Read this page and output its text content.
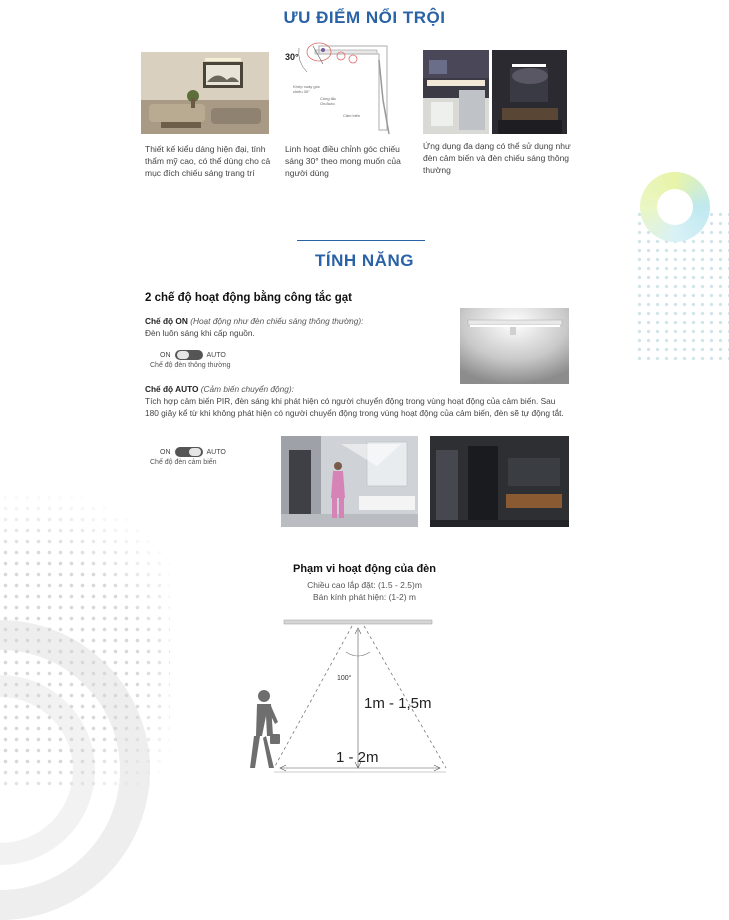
ƯU ĐIỂM NỔI TRỘI
Thiết kế kiểu dáng hiện đại, tính thẩm mỹ cao, có thể dùng cho cả mục đích chiếu sáng trang trí
30°
Khớp xoay góc chiếu 30°
Công tắc On/Auto
Cảm biến
Linh hoạt điều chỉnh góc chiếu sáng 30° theo mong muốn của người dùng
Ứng dụng đa dạng có thể sử dụng như đèn cảm biến và đèn chiếu sáng thông thường
TÍNH NĂNG
2 chế độ hoạt động bằng công tắc gạt
Chế độ ON (Hoạt động như đèn chiếu sáng thông thường):
Đèn luôn sáng khi cấp nguồn.
ON	AUTO
Chế độ đèn thông thường
Chế độ AUTO (Cảm biến chuyển động):
Tích hợp cảm biến PIR, đèn sáng khi phát hiện có người chuyển động trong vùng hoạt động của cảm biến. Sau 180 giây kể từ khi không phát hiện có người chuyển động trong vùng hoạt động của cảm biến, đèn sẽ tự động tắt.
ON	AUTO
Chế độ đèn cảm biến
Phạm vi hoạt động của đèn
Chiều cao lắp đặt: (1.5 - 2.5)m
Bán kính phát hiện: (1-2) m
100°
1m - 1,5m
1 - 2m
